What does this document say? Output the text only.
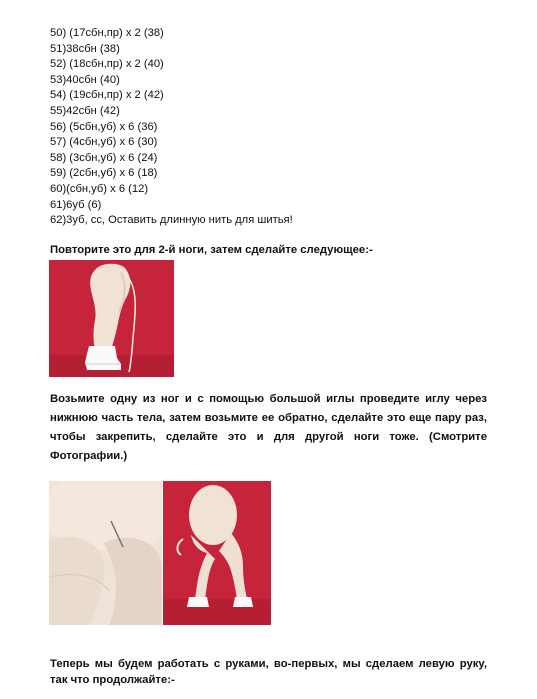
50) (17сбн,пр) x 2 (38)
51)38сбн (38)
52) (18сбн,пр) x 2 (40)
53)40сбн (40)
54) (19сбн,пр) x 2 (42)
55)42сбн (42)
56) (5сбн,уб) x 6 (36)
57) (4сбн,уб) x 6 (30)
58) (3сбн,уб) x 6 (24)
59) (2сбн,уб) x 6 (18)
60)(сбн,уб) x 6 (12)
61)6уб (6)
62)3уб, сс, Оставить длинную нить для шитья!
Повторите это для 2-й ноги, затем сделайте следующее:-
Возьмите одну из ног и с помощью большой иглы проведите иглу через нижнюю часть тела, затем возьмите ее обратно, сделайте это еще пару раз, чтобы закрепить, сделайте это и для другой ноги тоже. (Смотрите Фотографии.)
Теперь мы будем работать с руками, во-первых, мы сделаем левую руку, так что продолжайте:-
